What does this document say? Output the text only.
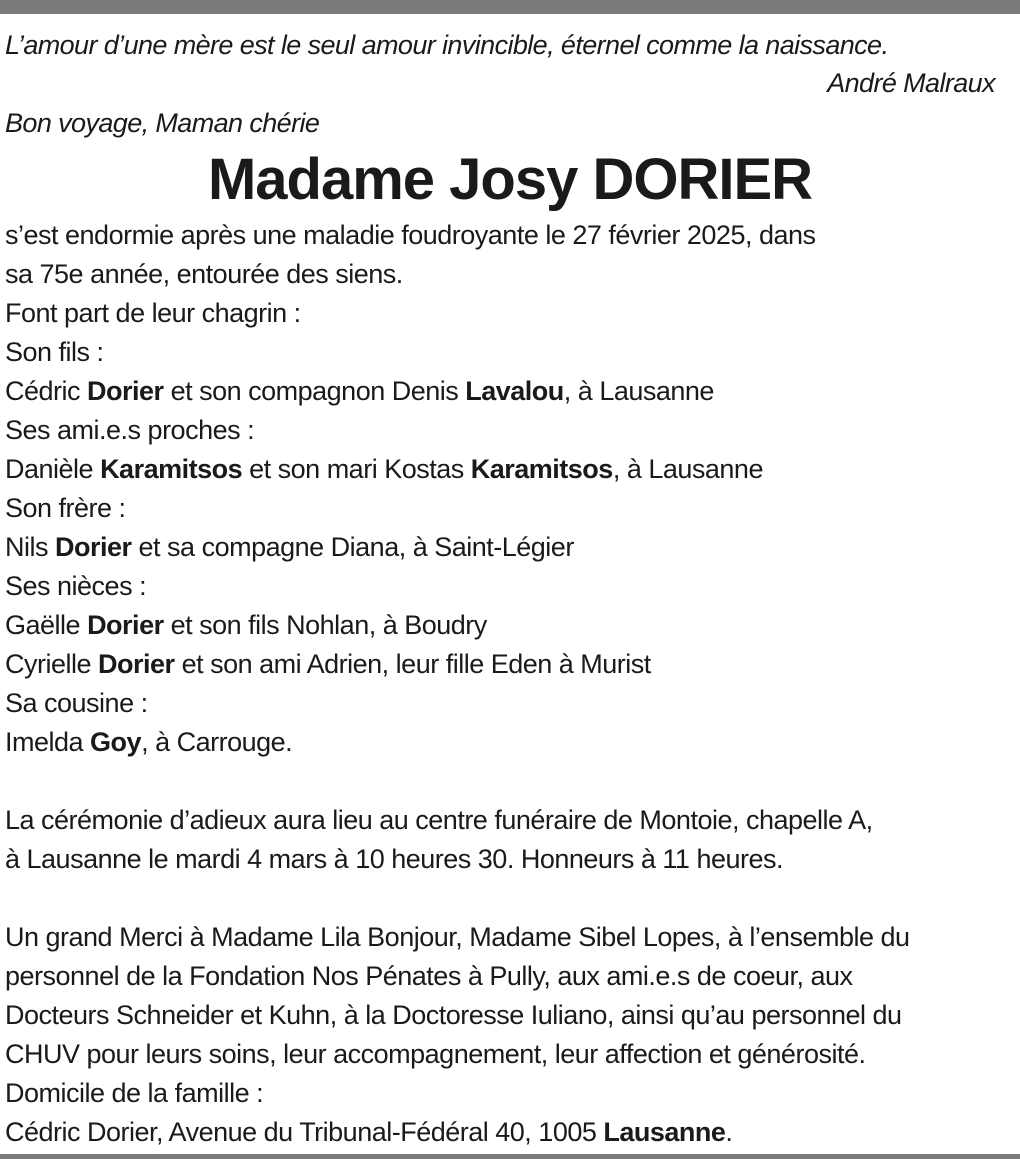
L’amour d’une mère est le seul amour invincible, éternel comme la naissance.
André Malraux
Bon voyage, Maman chérie
Madame Josy DORIER
s’est endormie après une maladie foudroyante le 27 février 2025, dans
sa 75e année, entourée des siens.
Font part de leur chagrin :
Son fils :
Cédric Dorier et son compagnon Denis Lavalou, à Lausanne
Ses ami.e.s proches :
Danièle Karamitsos et son mari Kostas Karamitsos, à Lausanne
Son frère :
Nils Dorier et sa compagne Diana, à Saint-Légier
Ses nièces :
Gaëlle Dorier et son fils Nohlan, à Boudry
Cyrielle Dorier et son ami Adrien, leur fille Eden à Murist
Sa cousine :
Imelda Goy, à Carrouge.
La cérémonie d’adieux aura lieu au centre funéraire de Montoie, chapelle A,
à Lausanne le mardi 4 mars à 10 heures 30. Honneurs à 11 heures.
Un grand Merci à Madame Lila Bonjour, Madame Sibel Lopes, à l’ensemble du
personnel de la Fondation Nos Pénates à Pully, aux ami.e.s de coeur, aux
Docteurs Schneider et Kuhn, à la Doctoresse Iuliano, ainsi qu’au personnel du
CHUV pour leurs soins, leur accompagnement, leur affection et générosité.
Domicile de la famille :
Cédric Dorier, Avenue du Tribunal-Fédéral 40, 1005 Lausanne.
